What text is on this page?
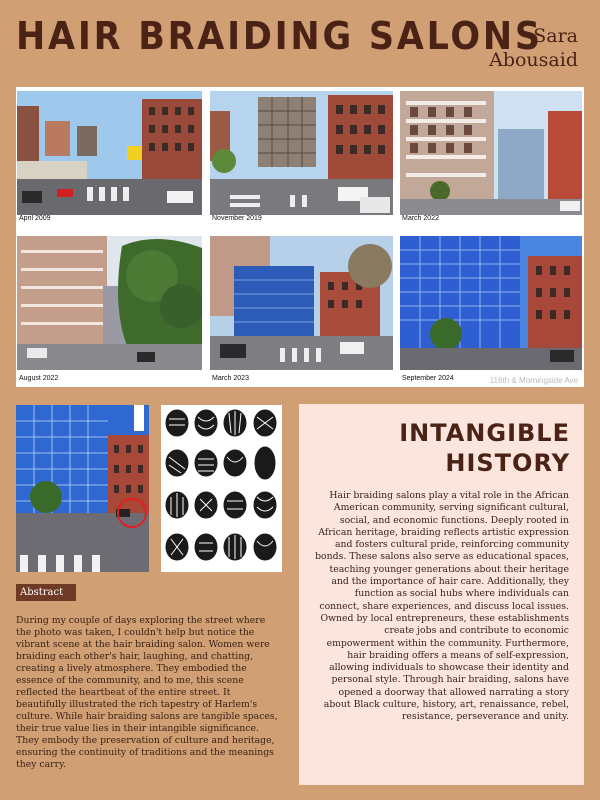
HAIR BRAIDING SALONS
Sara
Abousaid
April 2009	November 2019	March 2022
August 2022	March 2023	September 2024	116th & Morningside Ave
Abstract
During my couple of days exploring the street where the photo was taken, I couldn't help but notice the vibrant scene at the hair braiding salon. Women were braiding each other's hair, laughing, and chatting, creating a lively atmosphere. They embodied the essence of the community, and to me, this scene reflected the heartbeat of the entire street. It beautifully illustrated the rich tapestry of Harlem's culture. While hair braiding salons are tangible spaces, their true value lies in their intangible significance. They embody the preservation of culture and heritage, ensuring the continuity of traditions and the meanings they carry.
INTANGIBLE
HISTORY
Hair braiding salons play a vital role in the African American community, serving significant cultural, social, and economic functions. Deeply rooted in African heritage, braiding reflects artistic expression and fosters cultural pride, reinforcing community bonds. These salons also serve as educational spaces, teaching younger generations about their heritage and the importance of hair care. Additionally, they function as social hubs where individuals can connect, share experiences, and discuss local issues. Owned by local entrepreneurs, these establishments create jobs and contribute to economic empowerment within the community. Furthermore, hair braiding offers a means of self-expression, allowing individuals to showcase their identity and personal style. Through hair braiding, salons have opened a doorway that allowed narrating a story about Black culture, history, art, renaissance, rebel, resistance, perseverance and unity.
